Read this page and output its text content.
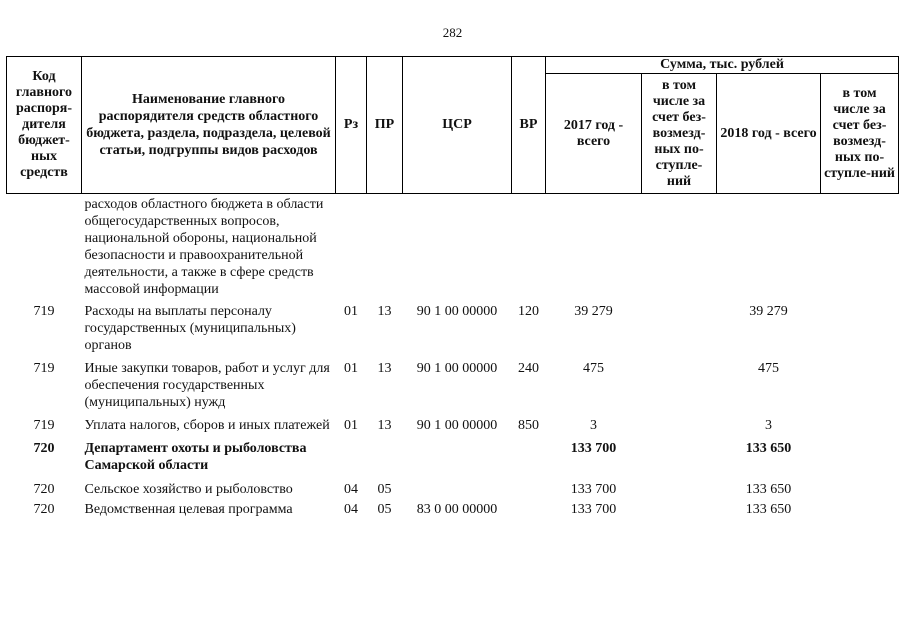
282
Код главного распоря-дителя бюджет-ных средств	Наименование главного распорядителя средств областного бюджета, раздела, подраздела, целевой статьи, подгруппы видов расходов	Рз	ПР	ЦСР	ВР	Сумма, тыс. рублей			
						2017 год - всего	в том числе за счет без-возмезд-ных по-ступле-ний	2018 год - всего	в том числе за счет без-возмезд-ных по-ступле-ний
	расходов областного бюджета в области общегосударственных вопросов, национальной обороны, национальной безопасности и правоохранительной деятельности, а также в сфере средств массовой информации								
719	Расходы на выплаты персоналу государственных (муниципальных) органов	01	13	90 1 00 00000	120	39 279		39 279	
719	Иные закупки товаров, работ и услуг для обеспечения государственных (муниципальных) нужд	01	13	90 1 00 00000	240	475		475	
719	Уплата налогов, сборов и иных платежей	01	13	90 1 00 00000	850	3		3	
720	Департамент охоты и рыболовства Самарской области					133 700		133 650	
720	Сельское хозяйство и рыболовство	04	05			133 700		133 650	
720	Ведомственная целевая программа	04	05	83 0 00 00000		133 700		133 650	
